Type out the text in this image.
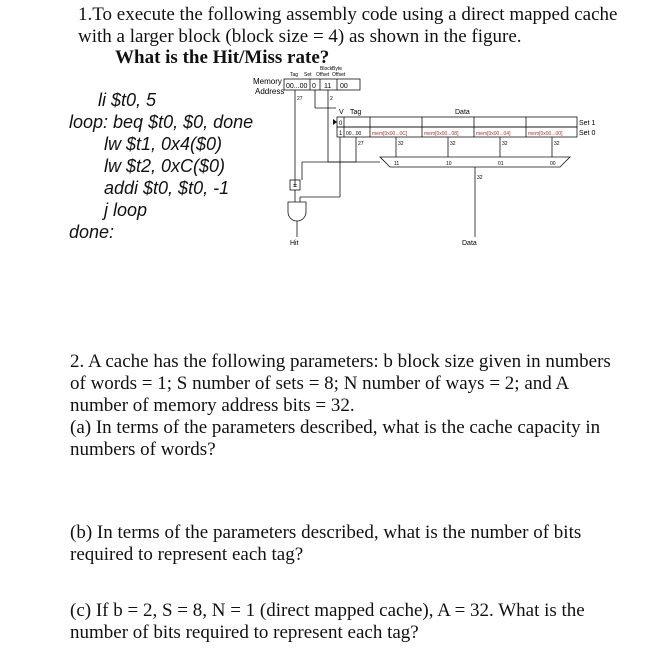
1.To execute the following assembly code using a direct mapped cache
with a larger block (block size = 4) as shown in the figure.
What is the Hit/Miss rate?
li $t0, 5
loop: beq $t0, $0, done
lw $t1, 0x4($0)
lw $t2, 0xC($0)
addi $t0, $t0, -1
j loop
done:
Block Byte
Tag Set Offset Offset
Memory
Address
00...00 0 11 00
27	2
V Tag	Data
0
1 00...00 mem[0x00...0C]	mem[0x00...08]	mem[0x00...04]	mem[0x00...00]
Set 1
Set 0
27	32	32	32	32
11	10	01	00
32
=
Hit	Data
2. A cache has the following parameters: b block size given in numbers
of words = 1; S number of sets = 8; N number of ways = 2; and A
number of memory address bits = 32.
(a) In terms of the parameters described, what is the cache capacity in
numbers of words?
(b) In terms of the parameters described, what is the number of bits
required to represent each tag?
(c) If b = 2, S = 8, N = 1 (direct mapped cache), A = 32. What is the
number of bits required to represent each tag?
